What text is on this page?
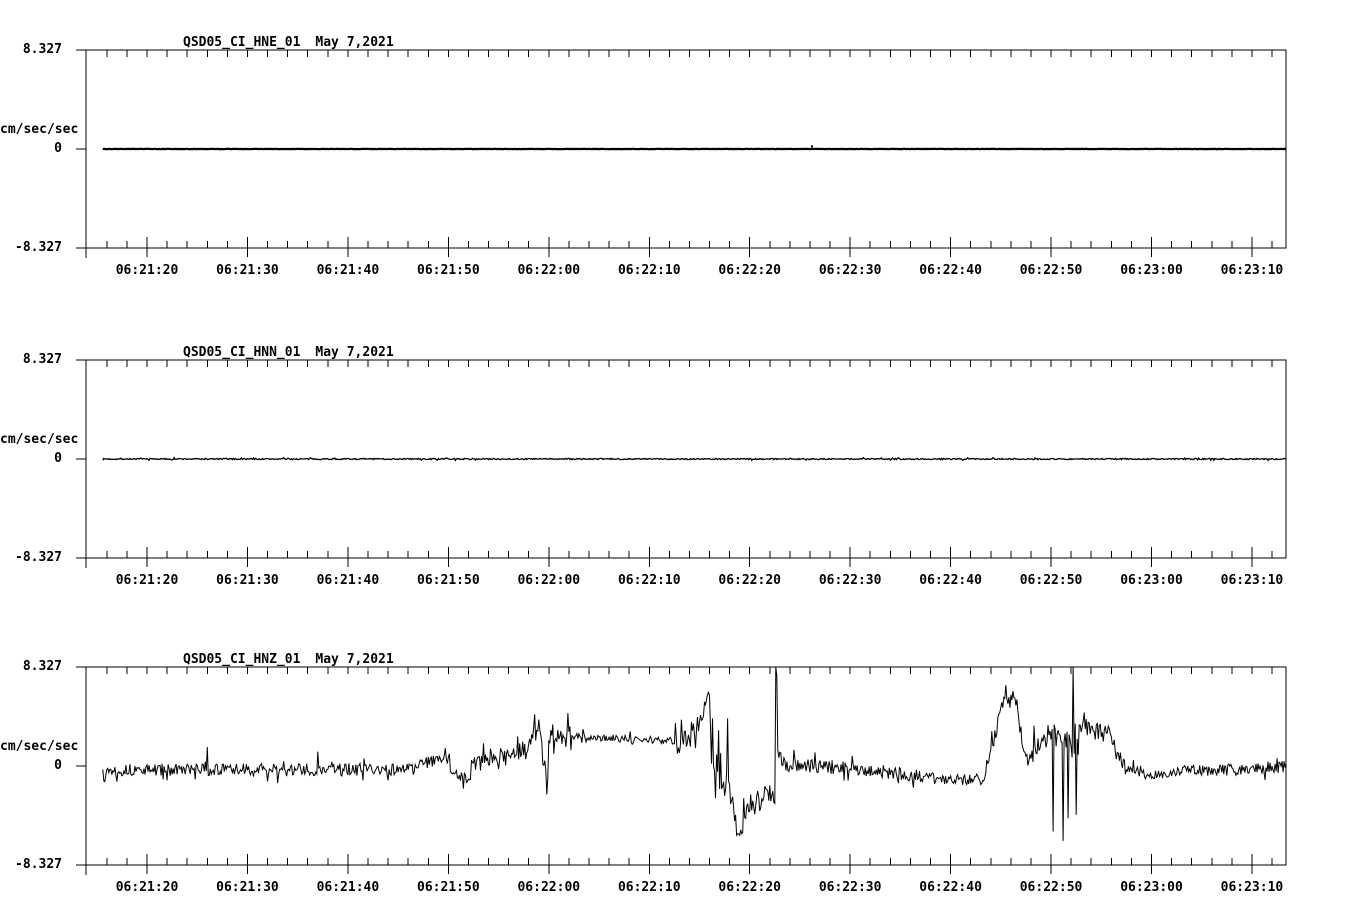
QSD05_CI_HNE_01 May 7,2021
8.327
cm/sec/sec
0
-8.327
06:21:20	06:21:30	06:21:40	06:21:50	06:22:00	06:22:10	06:22:20	06:22:30	06:22:40	06:22:50	06:23:00	06:23:10
QSD05_CI_HNN_01 May 7,2021
8.327
cm/sec/sec
0
-8.327
06:21:20	06:21:30	06:21:40	06:21:50	06:22:00	06:22:10	06:22:20	06:22:30	06:22:40	06:22:50	06:23:00	06:23:10
QSD05_CI_HNZ_01 May 7,2021
8.327
cm/sec/sec
0
-8.327
06:21:20	06:21:30	06:21:40	06:21:50	06:22:00	06:22:10	06:22:20	06:22:30	06:22:40	06:22:50	06:23:00	06:23:10
